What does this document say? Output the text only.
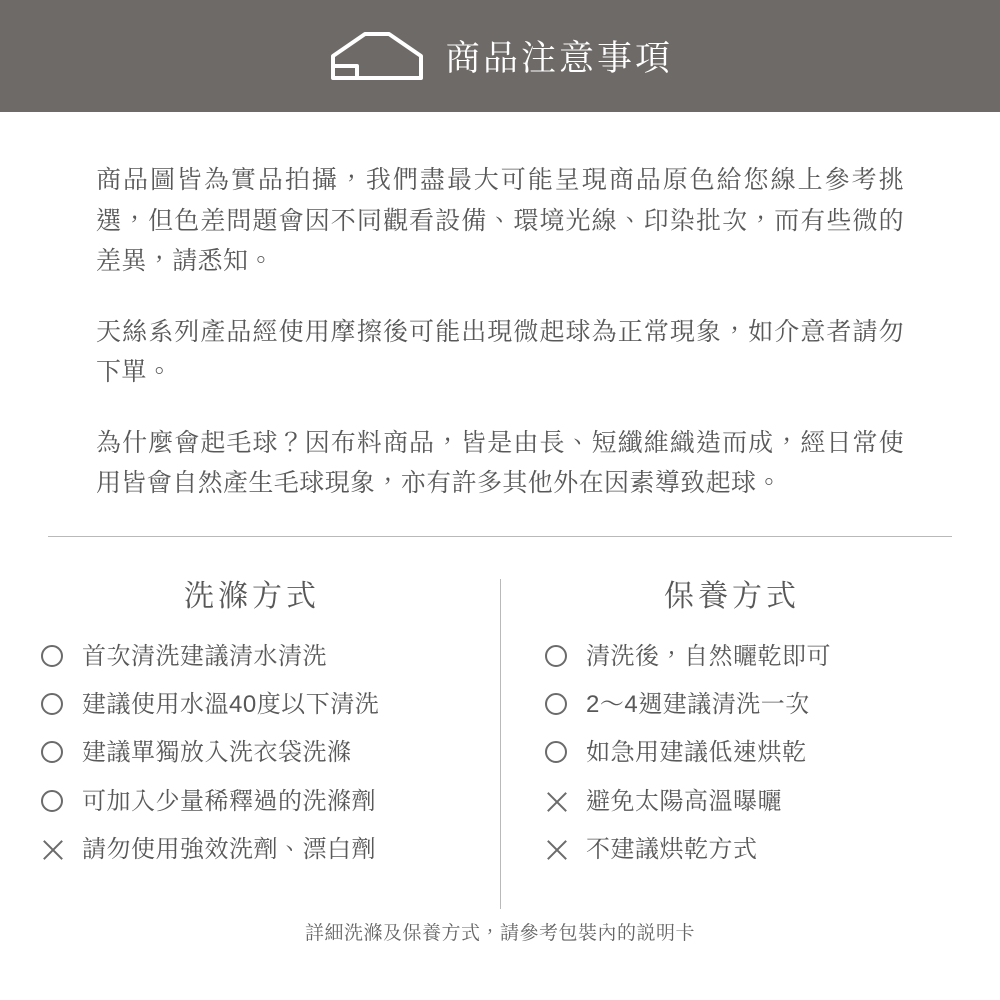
商品注意事項

商品圖皆為實品拍攝，我們盡最大可能呈現商品原色給您線上參考挑選，但色差問題會因不同觀看設備、環境光線、印染批次，而有些微的差異，請悉知。

天絲系列產品經使用摩擦後可能出現微起球為正常現象，如介意者請勿下單。

為什麼會起毛球？因布料商品，皆是由長、短纖維織造而成，經日常使用皆會自然產生毛球現象，亦有許多其他外在因素導致起球。

洗滌方式
首次清洗建議清水清洗
建議使用水溫40度以下清洗
建議單獨放入洗衣袋洗滌
可加入少量稀釋過的洗滌劑
請勿使用強效洗劑、漂白劑
保養方式
清洗後，自然曬乾即可
2～4週建議清洗一次
如急用建議低速烘乾
避免太陽高溫曝曬
不建議烘乾方式
詳細洗滌及保養方式，請參考包裝內的説明卡
